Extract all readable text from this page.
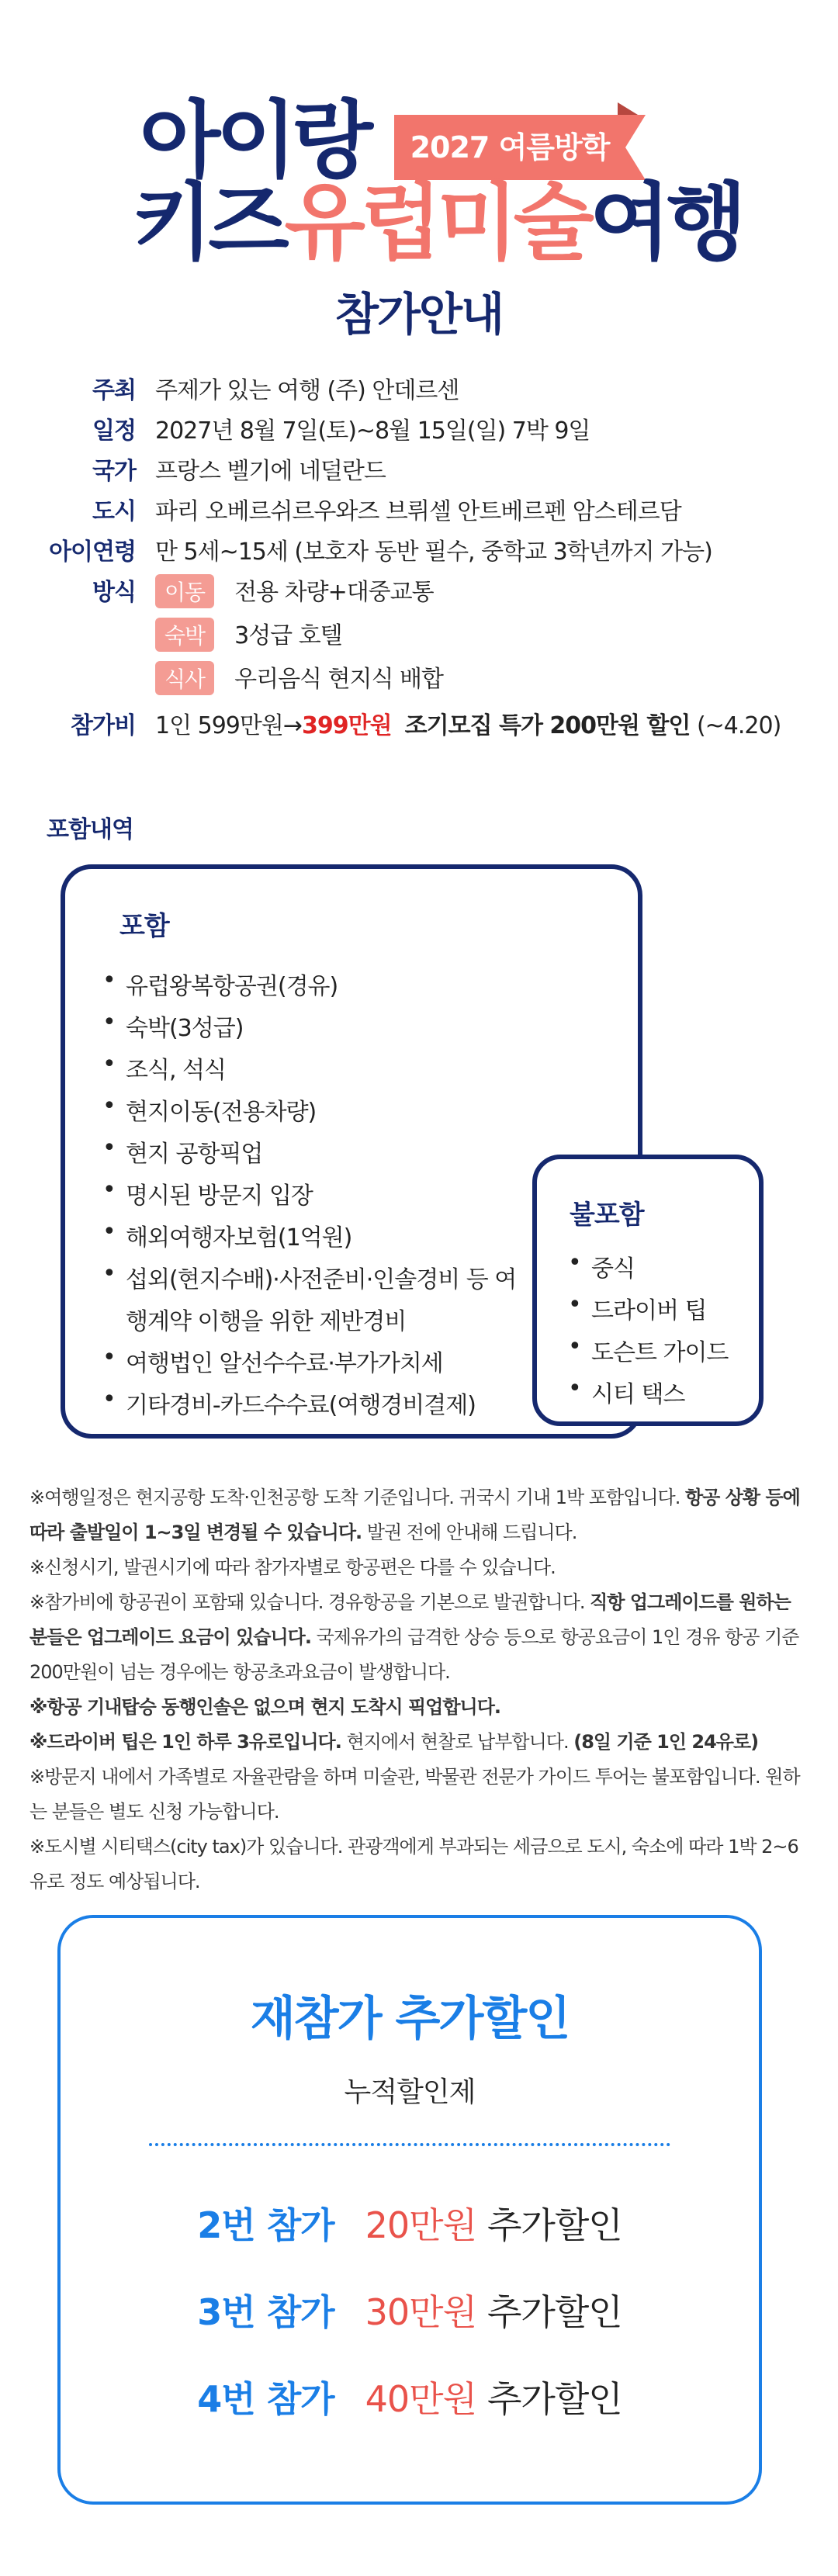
아이랑	2027 여름방학
키즈유럽미술여행
참가안내
주최 주제가 있는 여행 (주) 안데르센
일정 2027년 8월 7일(토)~8월 15일(일) 7박 9일
국가 프랑스 벨기에 네덜란드
도시 파리 오베르쉬르우와즈 브뤼셀 안트베르펜 암스테르담
아이연령 만 5세~15세 (보호자 동반 필수, 중학교 3학년까지 가능)
방식	이동 전용 차량+대중교통
숙박 3성급 호텔
식사 우리음식 현지식 배합
참가비 1인 599만원→399만원 조기모집 특가 200만원 할인 (~4.20)
포함내역
포함
• 유럽왕복항공권(경유)
• 숙박(3성급)
• 조식, 석식
• 현지이동(전용차량)
• 현지 공항픽업
• 명시된 방문지 입장
• 해외여행자보험(1억원)
• 섭외(현지수배)·사전준비·인솔경비 등 여
행계약 이행을 위한 제반경비
• 여행법인 알선수수료·부가가치세
• 기타경비-카드수수료(여행경비결제)
불포함
• 중식
• 드라이버 팁
• 도슨트 가이드
• 시티 택스

※여행일정은 현지공항 도착·인천공항 도착 기준입니다. 귀국시 기내 1박 포함입니다. 항공 상황 등에 따라 출발일이 1~3일 변경될 수 있습니다. 발권 전에 안내해 드립니다.

※신청시기, 발권시기에 따라 참가자별로 항공편은 다를 수 있습니다.

※참가비에 항공권이 포함돼 있습니다. 경유항공을 기본으로 발권합니다. 직항 업그레이드를 원하는 분들은 업그레이드 요금이 있습니다. 국제유가의 급격한 상승 등으로 항공요금이 1인 경유 항공 기준 200만원이 넘는 경우에는 항공초과요금이 발생합니다.

※항공 기내탑승 동행인솔은 없으며 현지 도착시 픽업합니다.

※드라이버 팁은 1인 하루 3유로입니다. 현지에서 현찰로 납부합니다. (8일 기준 1인 24유로)

※방문지 내에서 가족별로 자율관람을 하며 미술관, 박물관 전문가 가이드 투어는 불포함입니다. 원하는 분들은 별도 신청 가능합니다.

※도시별 시티택스(city tax)가 있습니다. 관광객에게 부과되는 세금으로 도시, 숙소에 따라 1박 2~6유로 정도 예상됩니다.

재참가 추가할인
누적할인제
2번 참가 20만원 추가할인
3번 참가 30만원 추가할인
4번 참가 40만원 추가할인
